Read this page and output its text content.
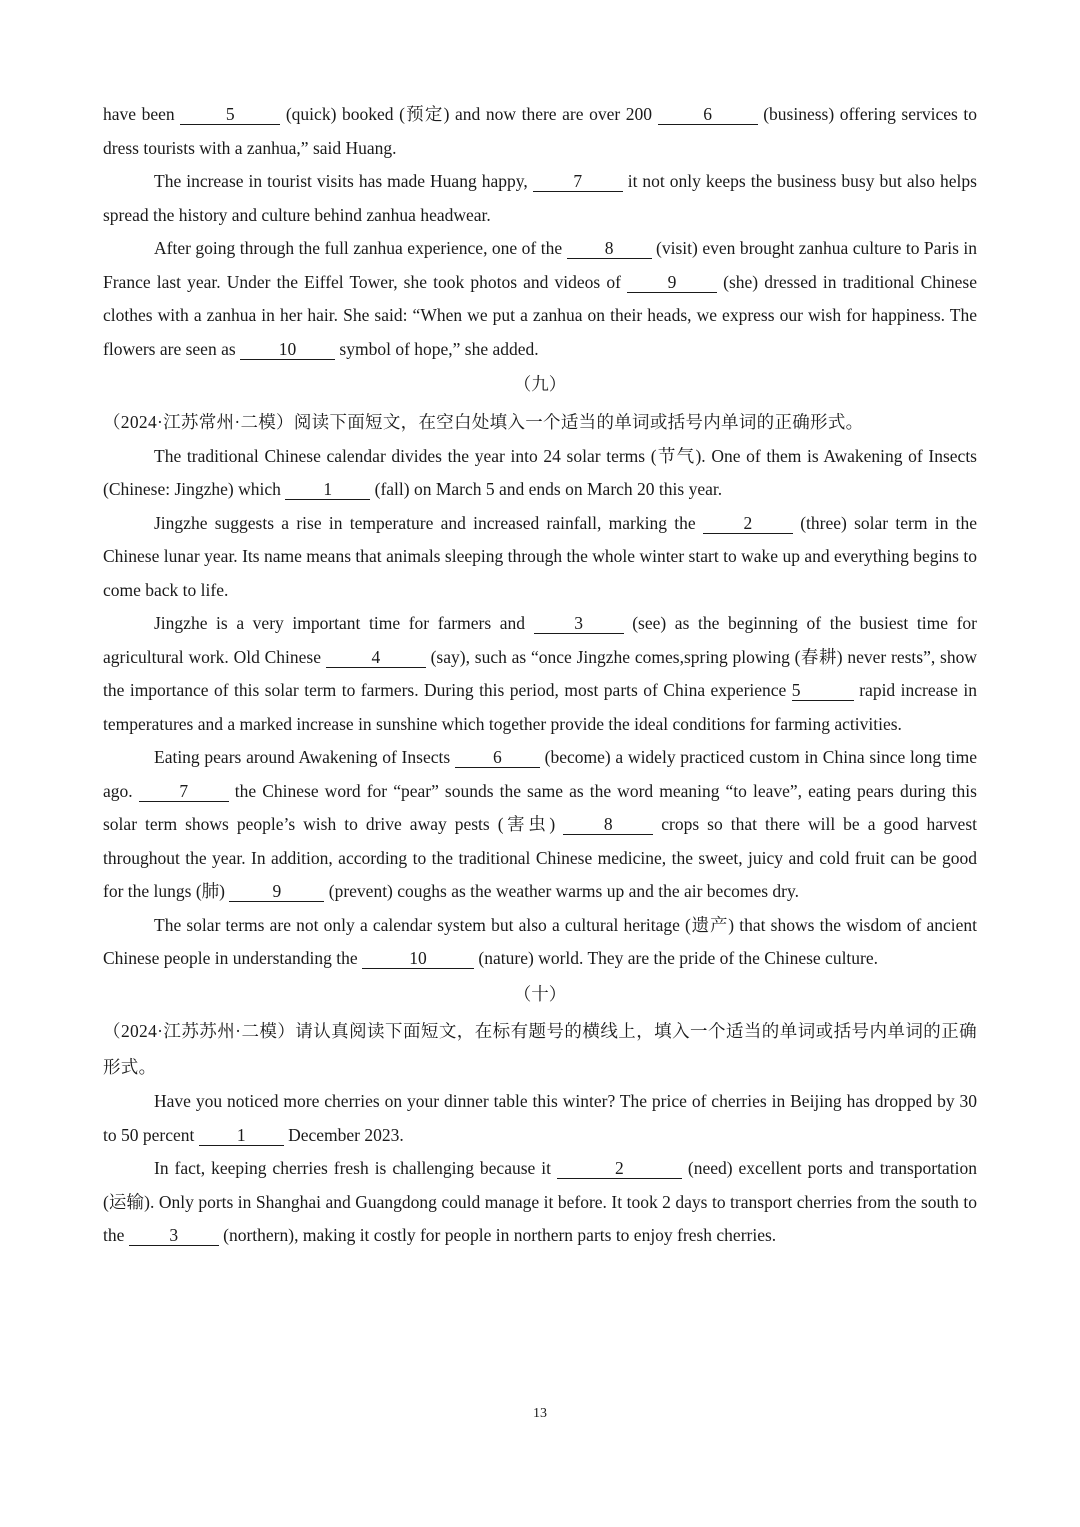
have been	5	(quick) booked (预定) and now there are over 200	6	(business) offering services to dress tourists with a zanhua,” said Huang.

The increase in tourist visits has made Huang happy, 7 it not only keeps the business busy but also helps spread the history and culture behind zanhua headwear.

After going through the full zanhua experience, one of the 8 (visit) even brought zanhua culture to Paris in France last year. Under the Eiffel Tower, she took photos and videos of 9 (she) dressed in traditional Chinese clothes with a zanhua in her hair. She said: “When we put a zanhua on their heads, we express our wish for happiness. The flowers are seen as 10 symbol of hope,” she added.

（九）

（2024·江苏常州·二模）阅读下面短文，在空白处填入一个适当的单词或括号内单词的正确形式。

The traditional Chinese calendar divides the year into 24 solar terms (节气). One of them is Awakening of Insects (Chinese: Jingzhe) which 1 (fall) on March 5 and ends on March 20 this year.

Jingzhe suggests a rise in temperature and increased rainfall, marking the 2 (three) solar term in the Chinese lunar year. Its name means that animals sleeping through the whole winter start to wake up and everything begins to come back to life.

Jingzhe is a very important time for farmers and 3 (see) as the beginning of the busiest time for agricultural work. Old Chinese	4	(say), such as “once Jingzhe comes,spring plowing (春耕) never rests”, show the importance of this solar term to farmers. During this period, most parts of China experience 5	rapid increase in temperatures and a marked increase in sunshine which together provide the ideal conditions for farming activities.

Eating pears around Awakening of Insects 6 (become) a widely practiced custom in China since long time ago. 7 the Chinese word for “pear” sounds the same as the word meaning “to leave”, eating pears during this solar term shows people’s wish to drive away pests (害虫) 8 crops so that there will be a good harvest throughout the year. In addition, according to the traditional Chinese medicine, the sweet, juicy and cold fruit can be good for the lungs (肺) 9 (prevent) coughs as the weather warms up and the air becomes dry.

The solar terms are not only a calendar system but also a cultural heritage (遗产) that shows the wisdom of ancient Chinese people in understanding the	10	(nature) world. They are the pride of the Chinese culture.

（十）

（2024·江苏苏州·二模）请认真阅读下面短文，在标有题号的横线上，填入一个适当的单词或括号内单词的正确形式。

Have you noticed more cherries on your dinner table this winter? The price of cherries in Beijing has dropped by 30 to 50 percent 1 December 2023.

In fact, keeping cherries fresh is challenging because it	2	(need) excellent ports and transportation (运输). Only ports in Shanghai and Guangdong could manage it before. It took 2 days to transport cherries from the south to the 3 (northern), making it costly for people in northern parts to enjoy fresh cherries.

13
